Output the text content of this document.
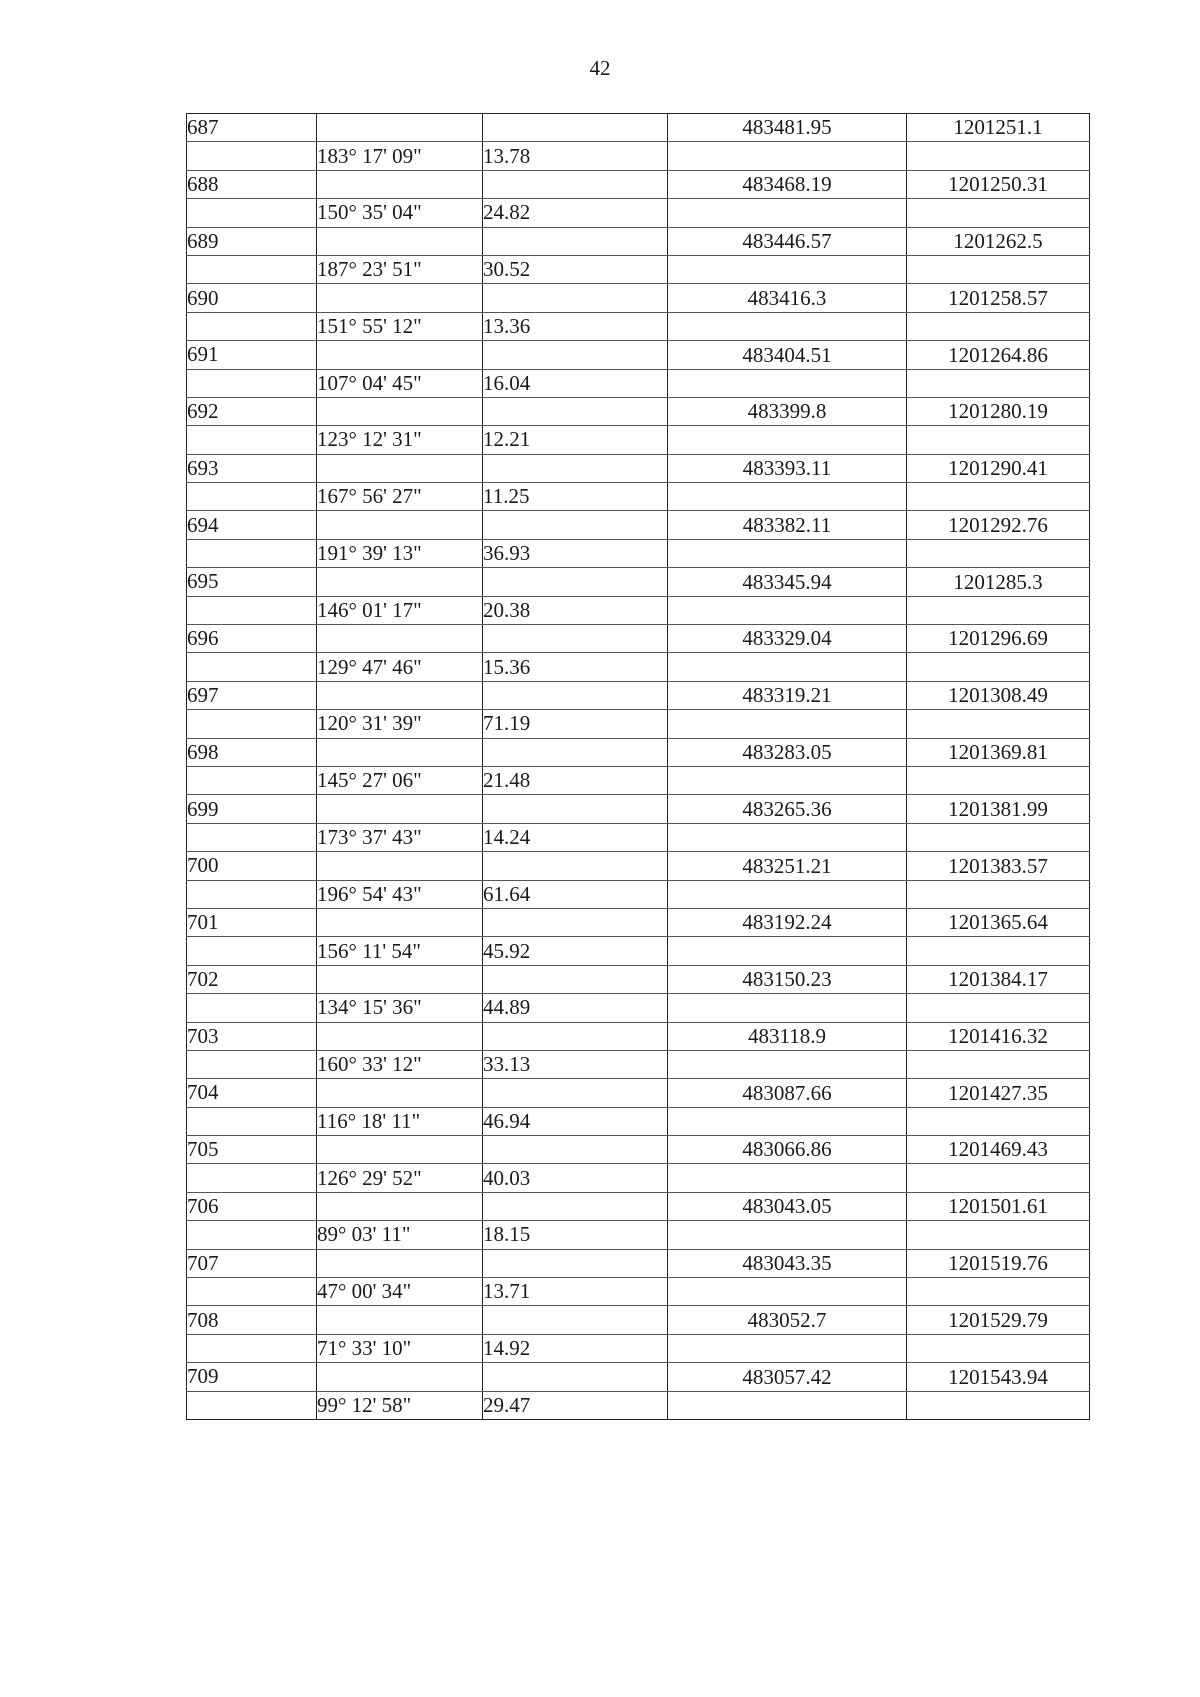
42
687			483481.95	1201251.1
	183° 17' 09"	13.78		
688			483468.19	1201250.31
	150° 35' 04"	24.82		
689			483446.57	1201262.5
	187° 23' 51"	30.52		
690			483416.3	1201258.57
	151° 55' 12"	13.36		
691			483404.51	1201264.86
	107° 04' 45"	16.04		
692			483399.8	1201280.19
	123° 12' 31"	12.21		
693			483393.11	1201290.41
	167° 56' 27"	11.25		
694			483382.11	1201292.76
	191° 39' 13"	36.93		
695			483345.94	1201285.3
	146° 01' 17"	20.38		
696			483329.04	1201296.69
	129° 47' 46"	15.36		
697			483319.21	1201308.49
	120° 31' 39"	71.19		
698			483283.05	1201369.81
	145° 27' 06"	21.48		
699			483265.36	1201381.99
	173° 37' 43"	14.24		
700			483251.21	1201383.57
	196° 54' 43"	61.64		
701			483192.24	1201365.64
	156° 11' 54"	45.92		
702			483150.23	1201384.17
	134° 15' 36"	44.89		
703			483118.9	1201416.32
	160° 33' 12"	33.13		
704			483087.66	1201427.35
	116° 18' 11"	46.94		
705			483066.86	1201469.43
	126° 29' 52"	40.03		
706			483043.05	1201501.61
	89° 03' 11"	18.15		
707			483043.35	1201519.76
	47° 00' 34"	13.71		
708			483052.7	1201529.79
	71° 33' 10"	14.92		
709			483057.42	1201543.94
	99° 12' 58"	29.47		
